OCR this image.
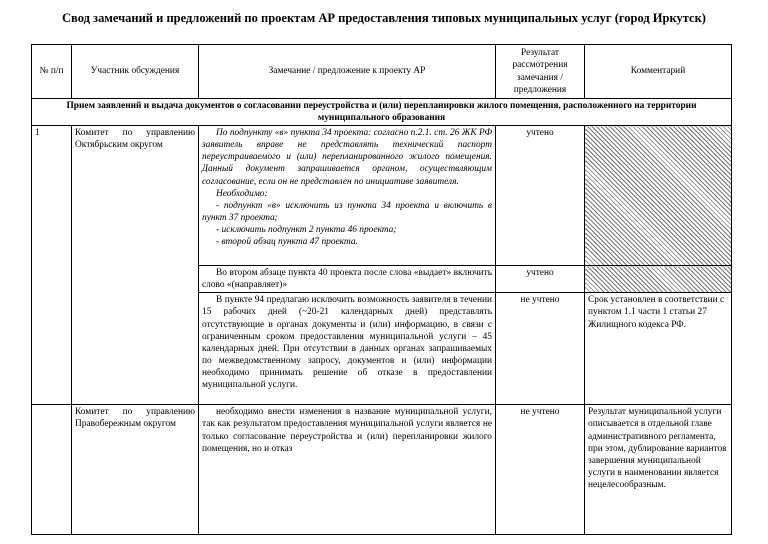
Свод замечаний и предложений по проектам АР предоставления типовых муниципальных услуг (город Иркутск)
№ п/п	Участник обсуждения	Замечание / предложение к проекту АР	Результат рассмотрения замечания / предложения	Комментарий
Прием заявлений и выдача документов о согласовании переустройства и (или) перепланировки жилого помещения, расположенного на территории муниципального образования				
1	Комитет по управлению Октябрьским округом	По подпункту «в» пункта 34 проекта: согласно п.2.1. ст. 26 ЖК РФ заявитель вправе не представлять технический паспорт переустраиваемого и (или) перепланированного жилого помещения. Данный документ запрашивается органом, осуществляющим согласование, если он не представлен по инициативе заявителя.

Необходимо:

- подпункт «в» исключить из пункта 34 проекта и включить в пункт 37 проекта;

- исключить подпункт 2 пункта 46 проекта;

- второй абзац пункта 47 проекта.	учтено	
		Во втором абзаце пункта 40 проекта после слова «выдает» включить слово «(направляет)»	учтено	
		В пункте 94 предлагаю исключить возможность заявителя в течении 15 рабочих дней (~20-21 календарных дней) представлять отсутствующие в органах документы и (или) информацию, в связи с ограниченным сроком предоставления муниципальной услуги – 45 календарных дней. При отсутствии в данных органах запрашиваемых по межведомственному запросу, документов и (или) информации необходимо принимать решение об отказе в предоставлении муниципальной услуги.	не учтено	Срок установлен в соответствии с пунктом 1.1 части 1 статьи 27 Жилищного кодекса РФ.
	Комитет по управлению Правобережным округом	необходимо внести изменения в название муниципальной услуги, так как результатом предоставления муниципальной услуги является не только согласование переустройства и (или) перепланировки жилого помещения, но и отказ	не учтено	Результат муниципальной услуги описывается в отдельной главе административного регламента, при этом, дублирование вариантов завершения муниципальной услуги в наименовании является нецелесообразным.
